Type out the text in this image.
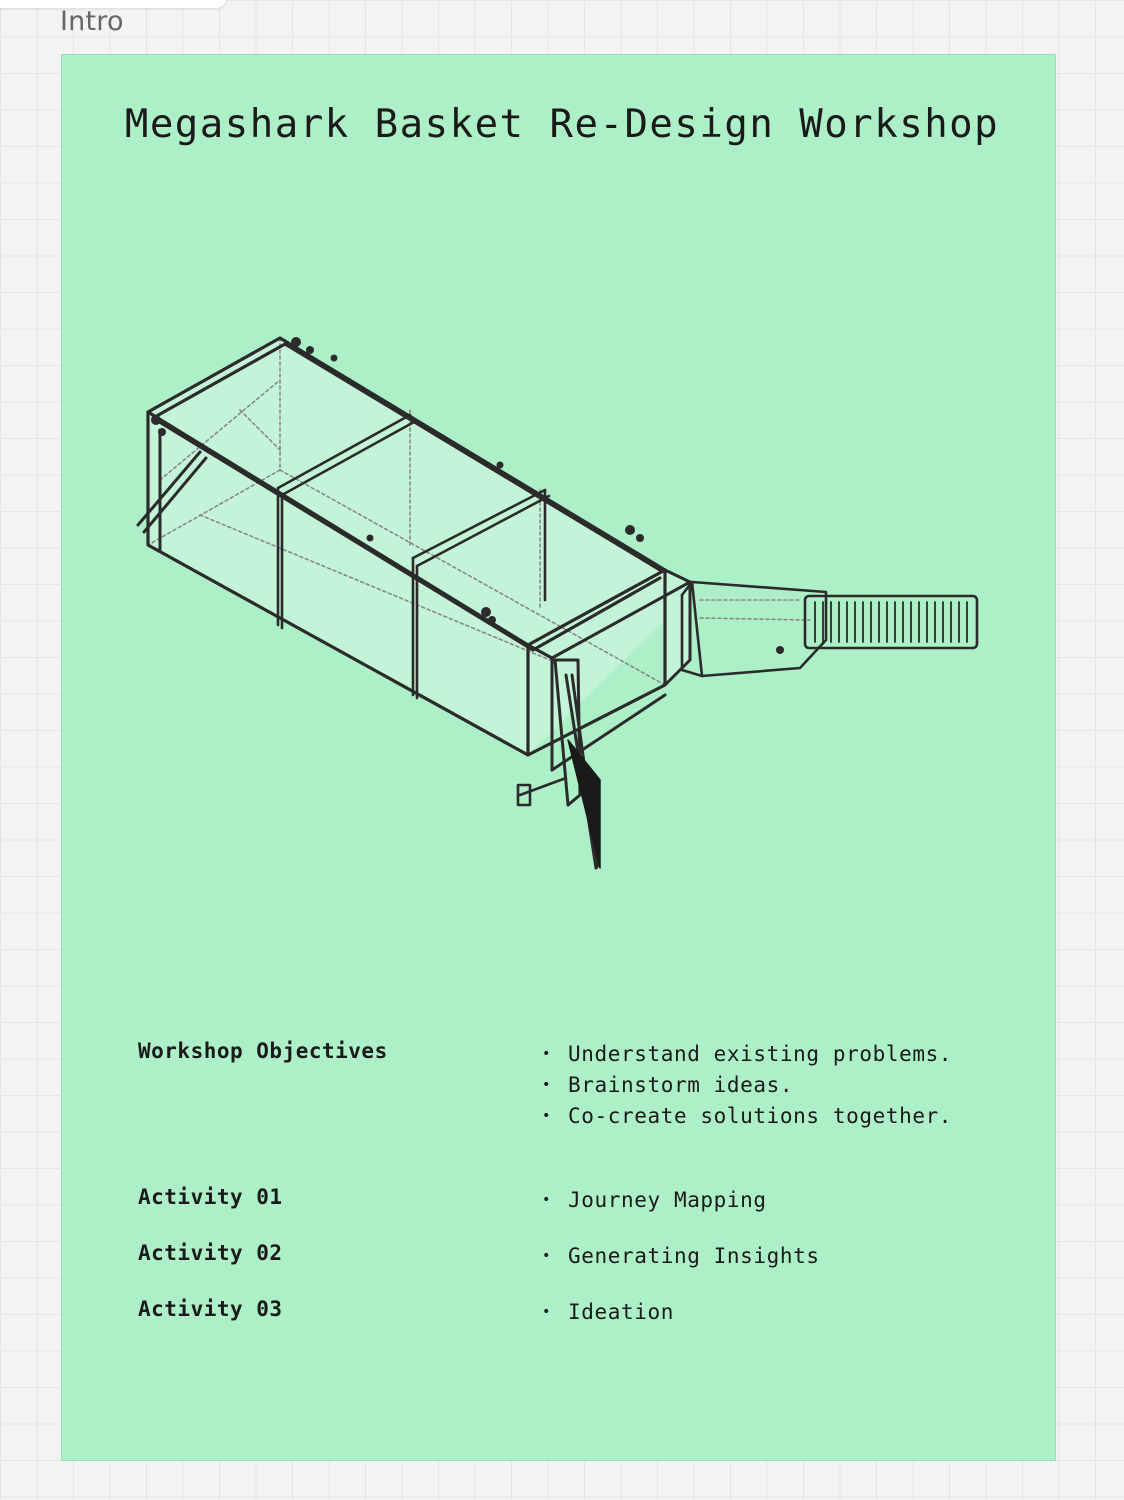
Intro
Megashark Basket Re-Design Workshop
Workshop Objectives	• Understand existing problems.
• Brainstorm ideas.
• Co-create solutions together.
Activity 01	• Journey Mapping
Activity 02	• Generating Insights
Activity 03	• Ideation
